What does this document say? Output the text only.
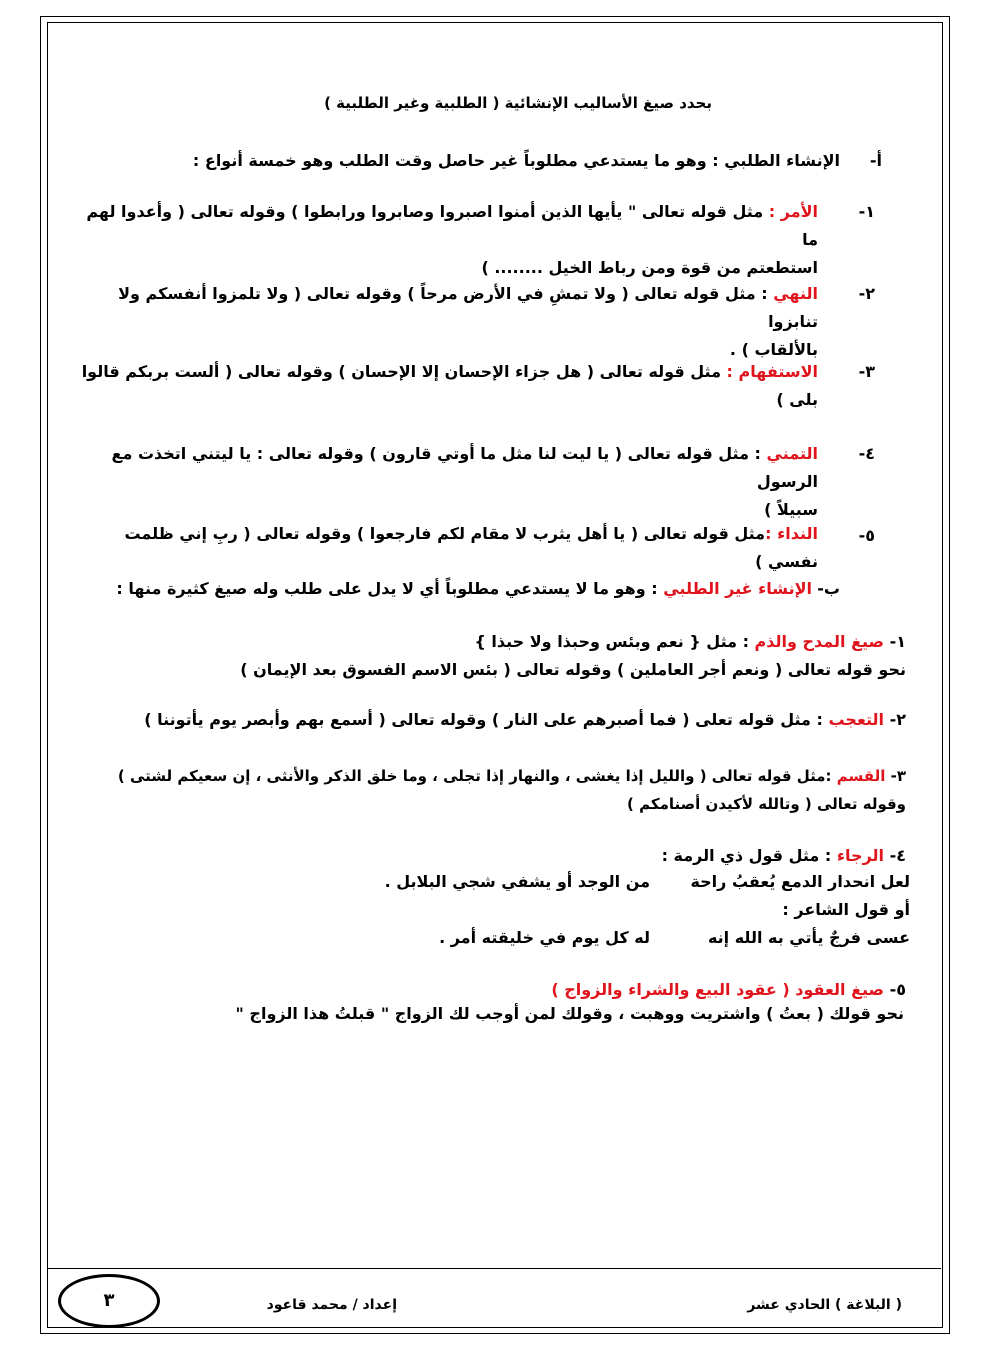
بحدد صيغ الأساليب الإنشائية ( الطلبية وغير الطلبية )
أ-
الإنشاء الطلبي : وهو ما يستدعي مطلوباً غير حاصل وقت الطلب وهو خمسة أنواع :
١-
الأمر : مثل قوله تعالى " يأيها الذين أمنوا اصبروا وصابروا ورابطوا ) وقوله تعالى ( وأعدوا لهم ما
استطعتم من قوة ومن رباط الخيل ........ )
٢-
النهي : مثل قوله تعالى ( ولا تمشِ في الأرض مرحاً ) وقوله تعالى ( ولا تلمزوا أنفسكم ولا تنابزوا
بالألقاب ) .
٣-
الاستفهام : مثل قوله تعالى ( هل جزاء الإحسان إلا الإحسان ) وقوله تعالى ( ألست بربكم قالوا بلى )
٤-
التمني : مثل قوله تعالى ( يا ليت لنا مثل ما أوتي قارون ) وقوله تعالى : يا ليتني اتخذت مع الرسول
سبيلاً )
٥-
النداء :مثل قوله تعالى ( يا أهل يثرب لا مقام لكم فارجعوا ) وقوله تعالى ( ربِ إني ظلمت نفسي )
ب-
الإنشاء غير الطلبي : وهو ما لا يستدعي مطلوباً أي لا يدل على طلب وله صيغ كثيرة منها :
١- صيغ المدح والذم : مثل { نعم وبئس وحبذا ولا حبذا }
نحو قوله تعالى ( ونعم أجر العاملين ) وقوله تعالى ( بئس الاسم الفسوق بعد الإيمان )
٢- التعجب : مثل قوله تعلى ( فما أصبرهم على النار ) وقوله تعالى ( أسمع بهم وأبصر يوم يأتوننا )
٣- القسم :مثل قوله تعالى ( والليل إذا يغشى ، والنهار إذا تجلى ، وما خلق الذكر والأنثى ، إن سعيكم لشتى )
وقوله تعالى ( وتالله لأكيدن أصنامكم )
٤- الرجاء : مثل قول ذي الرمة :
لعل انحدار الدمع يُعقبُ راحة
من الوجد أو يشفي شجي البلابل .
أو قول الشاعر :
عسى فرجٌ يأتي به الله إنه
له كل يوم في خليقته أمر .
٥- صيغ العقود ( عقود البيع والشراء والزواج )
نحو قولك ( بعتُ ) واشتريت ووهبت ، وقولك لمن أوجب لك الزواج " قبلتُ هذا الزواج "
( البلاغة ) الحادي عشر
إعداد / محمد قاعود
٣
